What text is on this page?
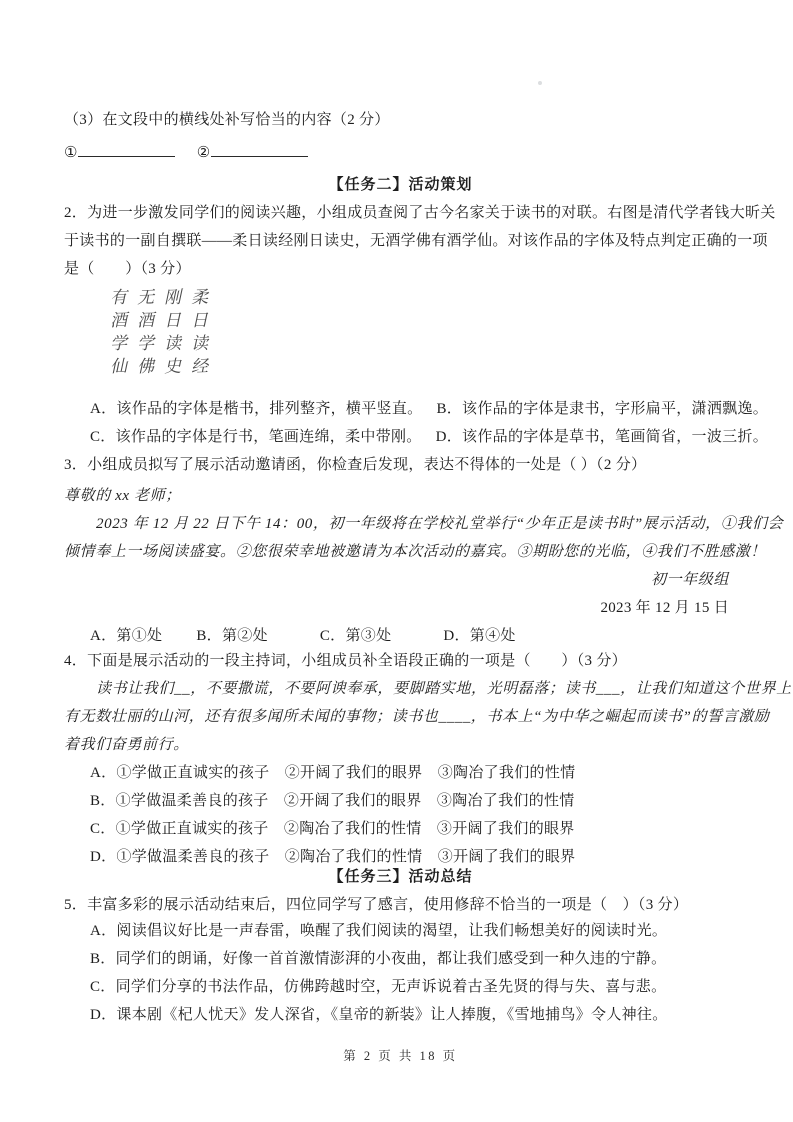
（3）在文段中的横线处补写恰当的内容（2 分）
①	②
【任务二】活动策划
2．为进一步激发同学们的阅读兴趣，小组成员查阅了古今名家关于读书的对联。右图是清代学者钱大昕关
于读书的一副自撰联——柔日读经刚日读史，无酒学佛有酒学仙。对该作品的字体及特点判定正确的一项
是（　　）（3 分）
有 无 刚 柔
酒 酒 日 日
学 学 读 读
仙 佛 史 经
A．该作品的字体是楷书，排列整齐，横平竖直。 B．该作品的字体是隶书，字形扁平，潇洒飘逸。
C．该作品的字体是行书，笔画连绵，柔中带刚。 D．该作品的字体是草书，笔画简省，一波三折。
3．小组成员拟写了展示活动邀请函，你检查后发现，表达不得体的一处是（ ）（2 分）
尊敬的 xx 老师；
2023 年 12 月 22 日下午 14：00，初一年级将在学校礼堂举行“少年正是读书时”展示活动，①我们会
倾情奉上一场阅读盛宴。②您很荣幸地被邀请为本次活动的嘉宾。③期盼您的光临，④我们不胜感激！
初一年级组
2023 年 12 月 15 日
A．第①处 B．第②处	C．第③处	D．第④处
4．下面是展示活动的一段主持词，小组成员补全语段正确的一项是（　　）（3 分）
读书让我们__，不要撒谎，不要阿谀奉承，要脚踏实地，光明磊落；读书___，让我们知道这个世界上
有无数壮丽的山河，还有很多闻所未闻的事物；读书也____，书本上“为中华之崛起而读书”的誓言激励
着我们奋勇前行。
A．①学做正直诚实的孩子　②开阔了我们的眼界　③陶冶了我们的性情
B．①学做温柔善良的孩子　②开阔了我们的眼界　③陶冶了我们的性情
C．①学做正直诚实的孩子　②陶冶了我们的性情　③开阔了我们的眼界
D．①学做温柔善良的孩子　②陶冶了我们的性情　③开阔了我们的眼界
【任务三】活动总结
5．丰富多彩的展示活动结束后，四位同学写了感言，使用修辞不恰当的一项是（　）（3 分）
A．阅读倡议好比是一声春雷，唤醒了我们阅读的渴望，让我们畅想美好的阅读时光。
B．同学们的朗诵，好像一首首激情澎湃的小夜曲，都让我们感受到一种久违的宁静。
C．同学们分享的书法作品，仿佛跨越时空，无声诉说着古圣先贤的得与失、喜与悲。
D．课本剧《杞人忧天》发人深省，《皇帝的新装》让人捧腹，《雪地捕鸟》令人神往。
第 2 页 共 18 页
